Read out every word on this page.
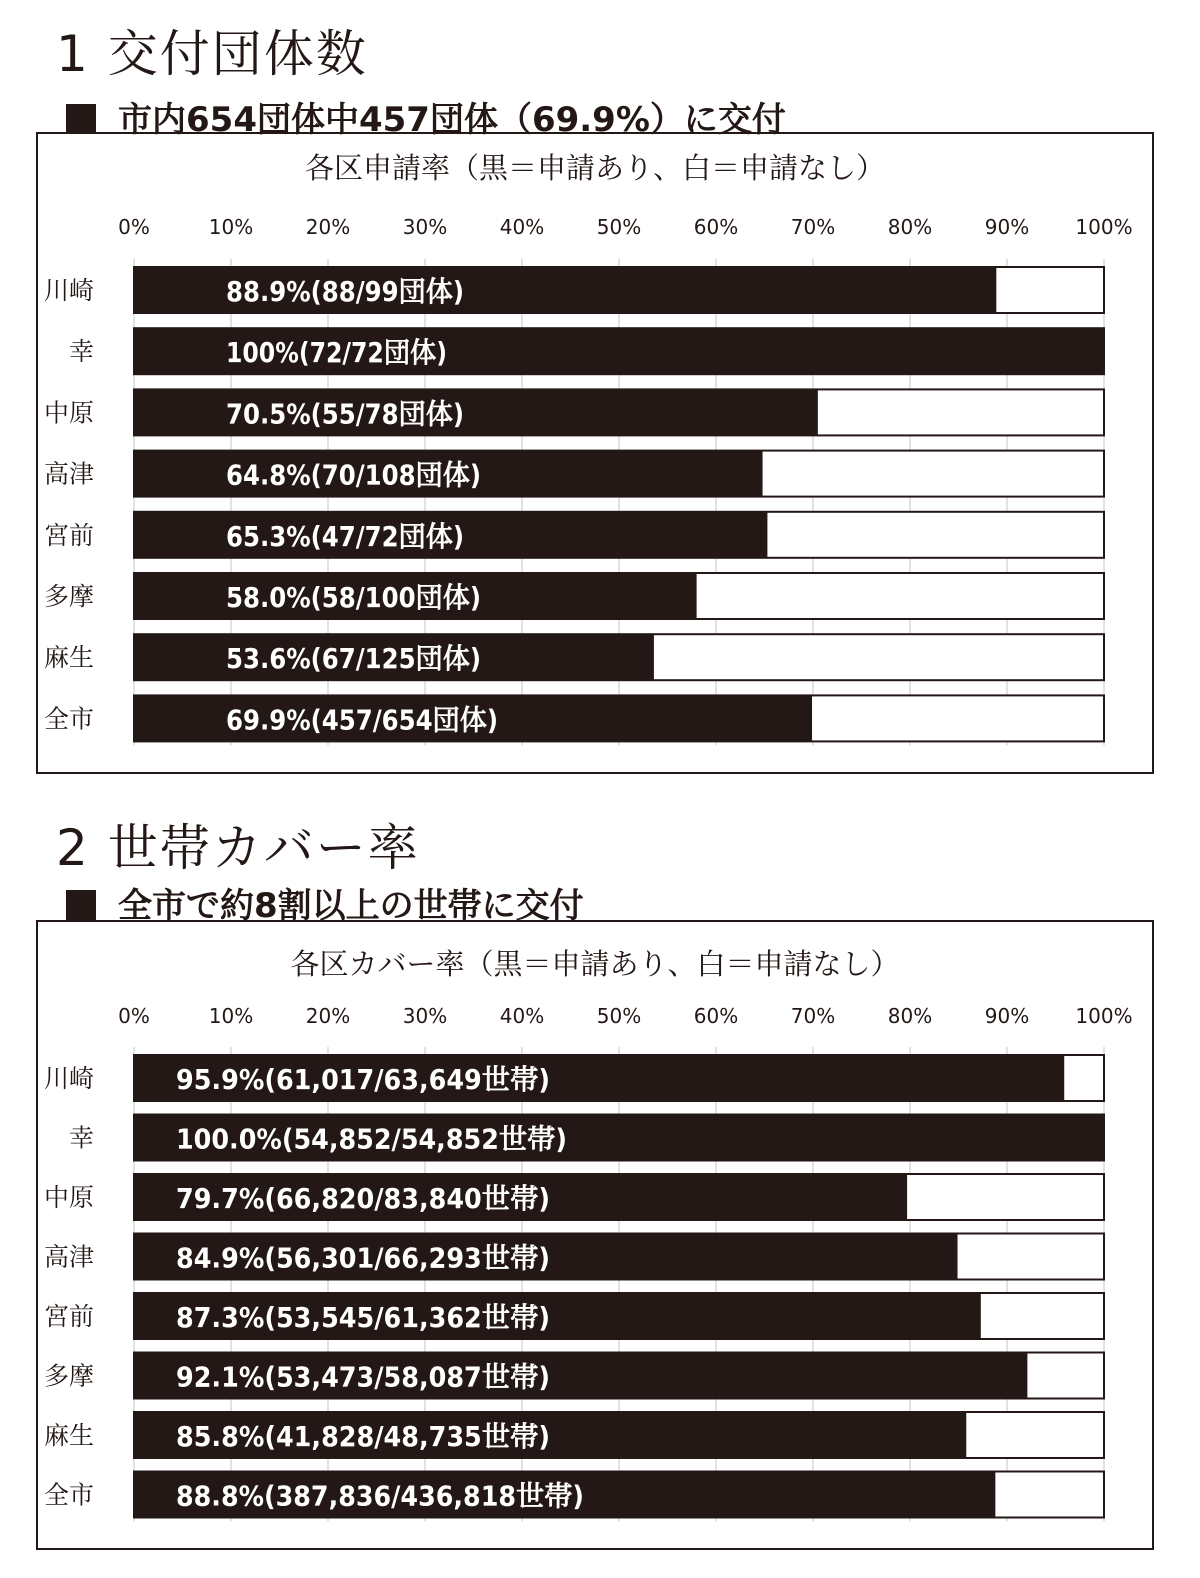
1 交付団体数
市内654団体中457団体（69.9%）に交付
各区申請率（黒＝申請あり、白＝申請なし）
0%	10%	20%	30%	40%	50%	60%	70%	80%	90% 100%
川崎	88.9%(88/99団体)
幸	100%(72/72団体)
中原	70.5%(55/78団体)
高津	64.8%(70/108団体)
宮前	65.3%(47/72団体)
多摩	58.0%(58/100団体)
麻生	53.6%(67/125団体)
全市	69.9%(457/654団体)
2 世帯カバー率
全市で約8割以上の世帯に交付
各区カバー率（黒＝申請あり、白＝申請なし）
0%	10%	20%	30%	40%	50%	60%	70%	80%	90% 100%
川崎	95.9%(61,017/63,649世帯)
幸	100.0%(54,852/54,852世帯)
中原	79.7%(66,820/83,840世帯)
高津	84.9%(56,301/66,293世帯)
宮前	87.3%(53,545/61,362世帯)
多摩	92.1%(53,473/58,087世帯)
麻生	85.8%(41,828/48,735世帯)
全市	88.8%(387,836/436,818世帯)
